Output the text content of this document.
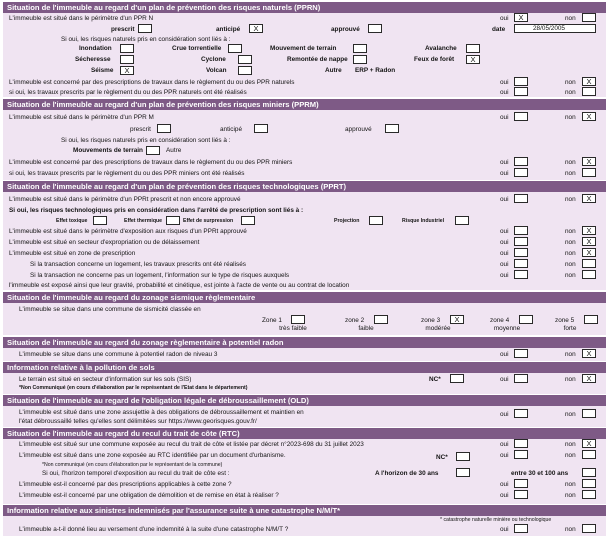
Situation de l'immeuble au regard d'un plan de prévention des risques naturels (PPRN)
L'immeuble est situé dans le périmètre d'un PPR N	oui	X	non
prescrit	anticipé	X	approuvé	date	28/05/2005
Si oui, les risques naturels pris en considération sont liés à :
Inondation	Crue torrentielle	Mouvement de terrain	Avalanche
Sécheresse	Cyclone	Remontée de nappe	Feux de forêt	X
Séisme	X	Volcan	Autre ERP + Radon
L'immeuble est concerné par des prescriptions de travaux dans le règlement du ou des PPR naturels	oui	non	X
si oui, les travaux prescrits par le règlement du ou des PPR naturels ont été réalisés	oui	non
Situation de l'immeuble au regard d'un plan de prévention des risques miniers (PPRM)
L'immeuble est situé dans le périmètre d'un PPR M	oui	non	X
prescrit	anticipé	approuvé
Si oui, les risques naturels pris en considération sont liés à :
Mouvements de terrain	Autre
L'immeuble est concerné par des prescriptions de travaux dans le règlement du ou des PPR miniers	oui	non	X
si oui, les travaux prescrits par le règlement du ou des PPR miniers ont été réalisés	oui	non
Situation de l'immeuble au regard d'un plan de prévention des risques technologiques (PPRT)
L'immeuble est situé dans le périmètre d'un PPRt prescrit et non encore approuvé	oui	non	X
Si oui, les risques technologiques pris en considération dans l'arrêté de prescription sont liés à :
Effet toxique	Effet thermique	Effet de surpression	Projection	Risque Industriel
L'immeuble est situé dans le périmètre d'exposition aux risques d'un PPRt approuvé	oui	non	X
L'immeuble est situé en secteur d'expropriation ou de délaissement	oui	non	X
L'immeuble est situé en zone de prescription	oui	non	X
Si la transaction concerne un logement, les travaux prescrits ont été réalisés	oui	non
Si la transaction ne concerne pas un logement, l'information sur le type de risques auxquels	oui	non
l'immeuble est exposé ainsi que leur gravité, probabilité et cinétique, est jointe à l'acte de vente ou au contrat de location
Situation de l'immeuble au regard du zonage sismique règlementaire
L'immeuble se situe dans une commune de sismicité classée en
Zone 1
très faible
zone 2
faible
zone 3	X
modérée
zone 4
moyenne
zone 5
forte
Situation de l'immeuble au regard du zonage règlementaire à potentiel radon
L'immeuble se situe dans une commune à potentiel radon de niveau 3	oui	non	X
Information relative à la pollution de sols
Le terrain est situé en secteur d'information sur les sols (SIS)	NC*	oui	non	X
*Non Communiqué (en cours d'élaboration par le représentant de l'Etat dans le département)
Situation de l'immeuble au regard de l'obligation légale de débroussaillement (OLD)
L'immeuble est situé dans une zone assujettie à des obligations de débroussaillement et maintien en
l'état débroussaillé telles qu'elles sont délimitées sur https://www.georisques.gouv.fr/
oui	non
Situation de l'immeuble au regard du recul du trait de côte (RTC)
L'immeuble est situé sur une commune exposée au recul du trait de côte et listée par décret n°2023-698 du 31 juillet 2023	oui	non	X
L'immeuble est situé dans une zone exposée au RTC identifiée par un document d'urbanisme.	NC*	oui	non
*Non communiqué (en cours d'élaboration par le représentant de la commune)
Si oui, l'horizon temporel d'exposition au recul du trait de côte est :	A l'horizon de 30 ans	entre 30 et 100 ans
L'immeuble est-il concerné par des prescriptions applicables à cette zone ?	oui	non
L'immeuble est-il concerné par une obligation de démolition et de remise en état à réaliser ?	oui	non
Information relative aux sinistres indemnisés par l'assurance suite à une catastrophe N/M/T*
* catastrophe naturelle minière ou technologique
L'immeuble a-t-il donné lieu au versement d'une indemnité à la suite d'une catastrophe N/M/T ?	oui	non
